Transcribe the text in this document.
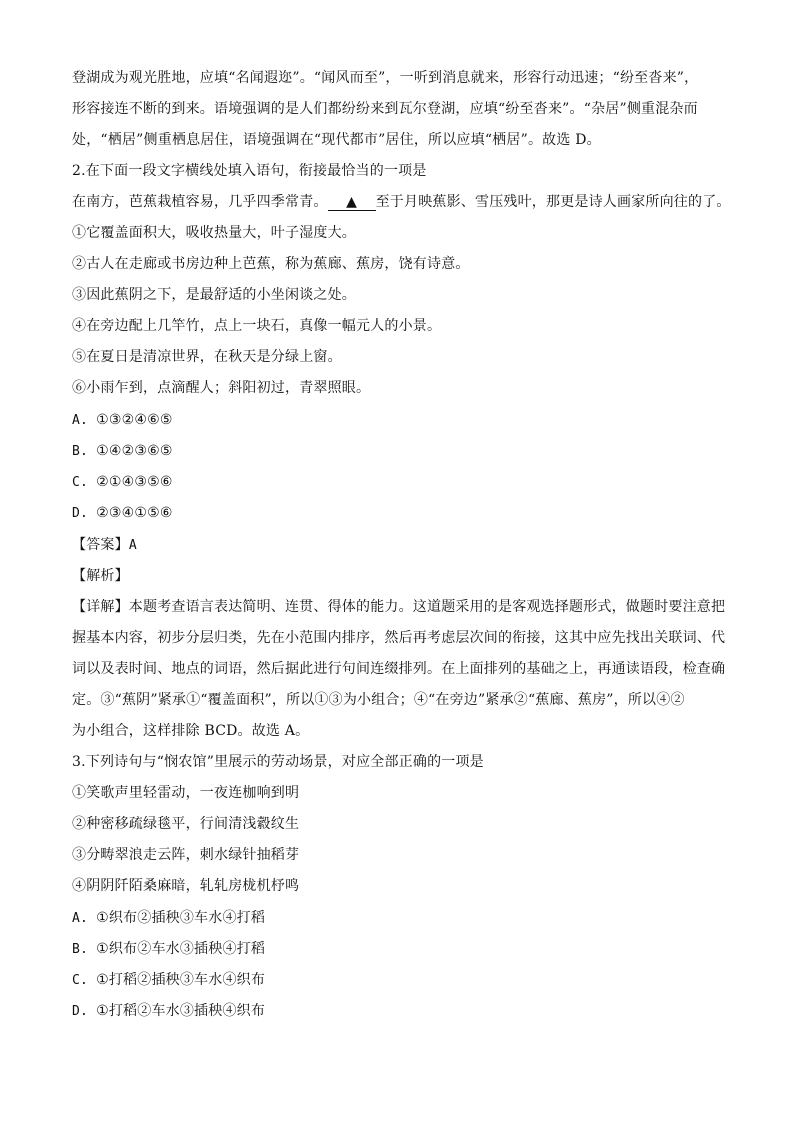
登湖成为观光胜地，应填“名闻遐迩”。“闻风而至”，一听到消息就来，形容行动迅速；“纷至沓来”，
形容接连不断的到来。语境强调的是人们都纷纷来到瓦尔登湖，应填“纷至沓来”。“杂居”侧重混杂而
处，“栖居”侧重栖息居住，语境强调在“现代都市”居住，所以应填“栖居”。故选 D。
2.在下面一段文字横线处填入语句，衔接最恰当的一项是
在南方，芭蕉栽植容易，几乎四季常青。 ▲ 至于月映蕉影、雪压残叶，那更是诗人画家所向往的了。
①它覆盖面积大，吸收热量大，叶子湿度大。
②古人在走廊或书房边种上芭蕉，称为蕉廊、蕉房，饶有诗意。
③因此蕉阴之下，是最舒适的小坐闲谈之处。
④在旁边配上几竿竹，点上一块石，真像一幅元人的小景。
⑤在夏日是清凉世界，在秋天是分绿上窗。
⑥小雨乍到，点滴醒人；斜阳初过，青翠照眼。
A. ①③②④⑥⑤
B. ①④②③⑥⑤
C. ②①④③⑤⑥
D. ②③④①⑤⑥
【答案】A
【解析】
【详解】本题考查语言表达简明、连贯、得体的能力。这道题采用的是客观选择题形式，做题时要注意把
握基本内容，初步分层归类，先在小范围内排序，然后再考虑层次间的衔接，这其中应先找出关联词、代
词以及表时间、地点的词语，然后据此进行句间连缀排列。在上面排列的基础之上，再通读语段，检查确
定。③“蕉阴”紧承①“覆盖面积”，所以①③为小组合；④“在旁边”紧承②“蕉廊、蕉房”，所以④②
为小组合，这样排除 BCD。故选 A。
3.下列诗句与“悯农馆”里展示的劳动场景，对应全部正确的一项是
①笑歌声里轻雷动，一夜连枷响到明
②种密移疏绿毯平，行间清浅縠纹生
③分畴翠浪走云阵，刺水绿针抽稻芽
④阴阴阡陌桑麻暗，轧轧房栊机杼鸣
A. ①织布②插秧③车水④打稻
B. ①织布②车水③插秧④打稻
C. ①打稻②插秧③车水④织布
D. ①打稻②车水③插秧④织布
